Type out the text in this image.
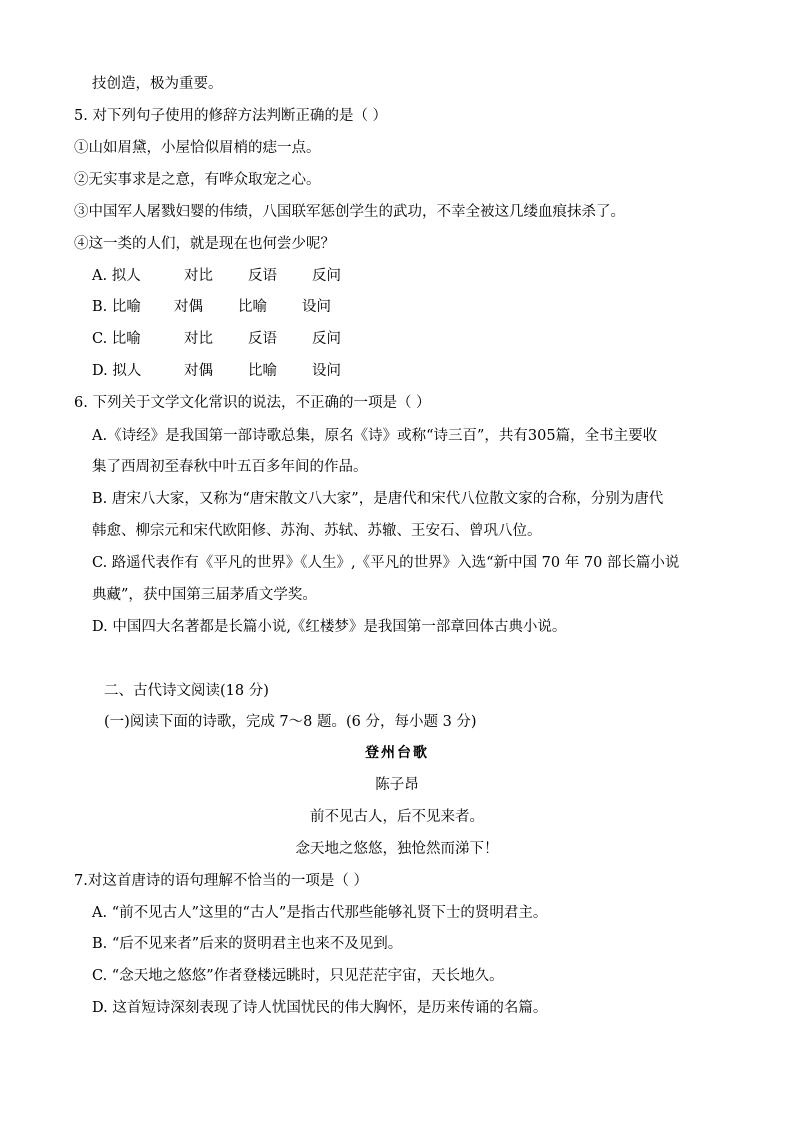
技创造，极为重要。
5. 对下列句子使用的修辞方法判断正确的是（ ）
①山如眉黛，小屋恰似眉梢的痣一点。
②无实事求是之意，有哗众取宠之心。
③中国军人屠戮妇婴的伟绩，八国联军惩创学生的武功，不幸全被这几缕血痕抹杀了。
④这一类的人们，就是现在也何尝少呢？
A. 拟人	对比 反语 反问
B. 比喻 对偶 比喻 设问
C. 比喻	对比 反语 反问
D. 拟人	对偶 比喻 设问
6. 下列关于文学文化常识的说法，不正确的一项是（ ）
A.《诗经》是我国第一部诗歌总集，原名《诗》或称“诗三百”，共有305篇，全书主要收
集了西周初至春秋中叶五百多年间的作品。
B. 唐宋八大家，又称为“唐宋散文八大家”，是唐代和宋代八位散文家的合称，分别为唐代
韩愈、柳宗元和宋代欧阳修、苏洵、苏轼、苏辙、王安石、曾巩八位。
C. 路遥代表作有《平凡的世界》《人生》,《平凡的世界》入选“新中国 70 年 70 部长篇小说
典藏”，获中国第三届茅盾文学奖。
D. 中国四大名著都是长篇小说,《红楼梦》是我国第一部章回体古典小说。
二、古代诗文阅读(18 分)
(一)阅读下面的诗歌，完成 7～8 题。(6 分，每小题 3 分)
登州台歌
陈子昂
前不见古人，后不见来者。
念天地之悠悠，独怆然而涕下！
7.对这首唐诗的语句理解不恰当的一项是（ ）
A. “前不见古人”这里的“古人”是指古代那些能够礼贤下士的贤明君主。
B. “后不见来者”后来的贤明君主也来不及见到。
C. “念天地之悠悠”作者登楼远眺时，只见茫茫宇宙，天长地久。
D. 这首短诗深刻表现了诗人忧国忧民的伟大胸怀，是历来传诵的名篇。
